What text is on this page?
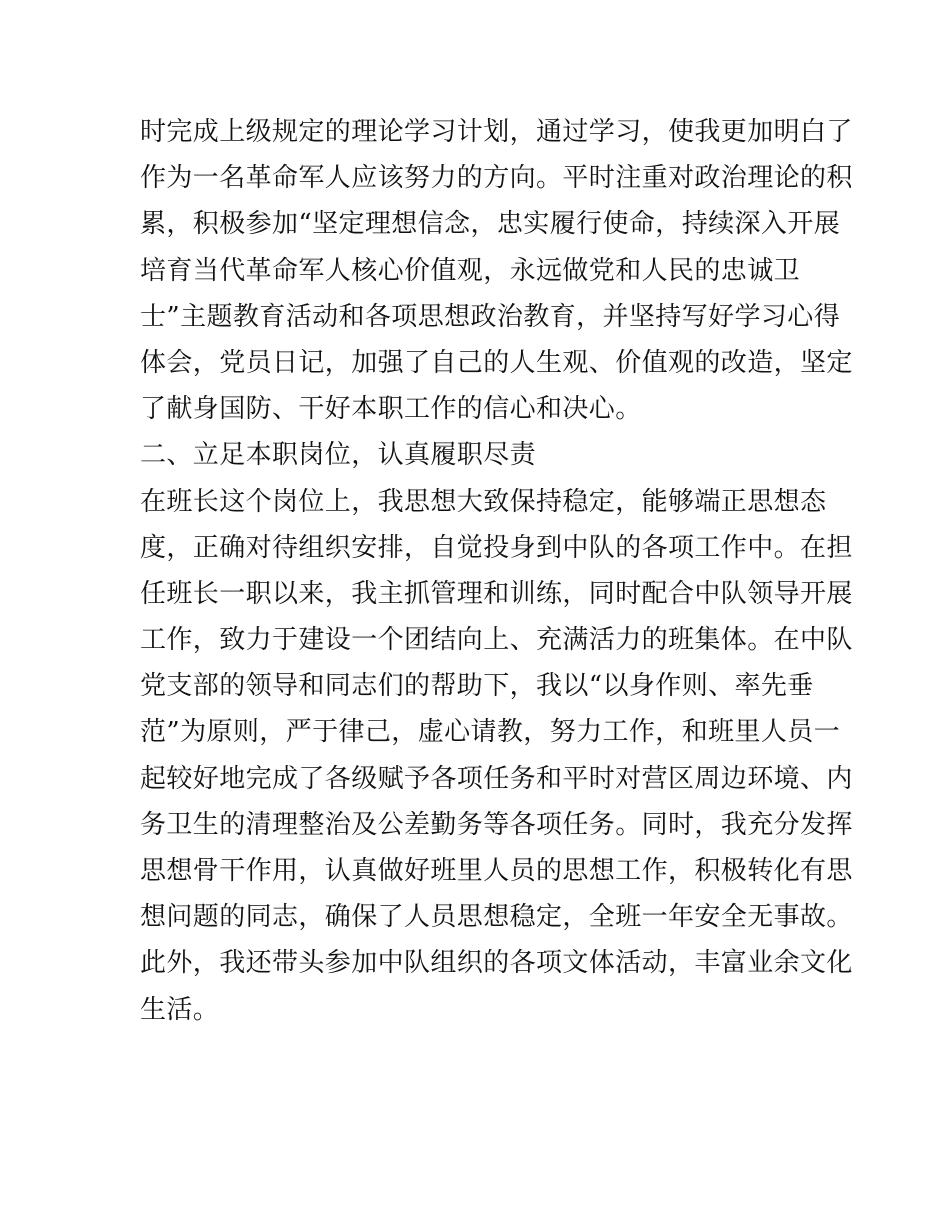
时完成上级规定的理论学习计划，通过学习，使我更加明白了
作为一名革命军人应该努力的方向。平时注重对政治理论的积
累，积极参加“坚定理想信念，忠实履行使命，持续深入开展
培育当代革命军人核心价值观，永远做党和人民的忠诚卫
士”主题教育活动和各项思想政治教育，并坚持写好学习心得
体会，党员日记，加强了自己的人生观、价值观的改造，坚定
了献身国防、干好本职工作的信心和决心。
二、立足本职岗位，认真履职尽责
在班长这个岗位上，我思想大致保持稳定，能够端正思想态
度，正确对待组织安排，自觉投身到中队的各项工作中。在担
任班长一职以来，我主抓管理和训练，同时配合中队领导开展
工作，致力于建设一个团结向上、充满活力的班集体。在中队
党支部的领导和同志们的帮助下，我以“以身作则、率先垂
范”为原则，严于律己，虚心请教，努力工作，和班里人员一
起较好地完成了各级赋予各项任务和平时对营区周边环境、内
务卫生的清理整治及公差勤务等各项任务。同时，我充分发挥
思想骨干作用，认真做好班里人员的思想工作，积极转化有思
想问题的同志，确保了人员思想稳定，全班一年安全无事故。
此外，我还带头参加中队组织的各项文体活动，丰富业余文化
生活。
